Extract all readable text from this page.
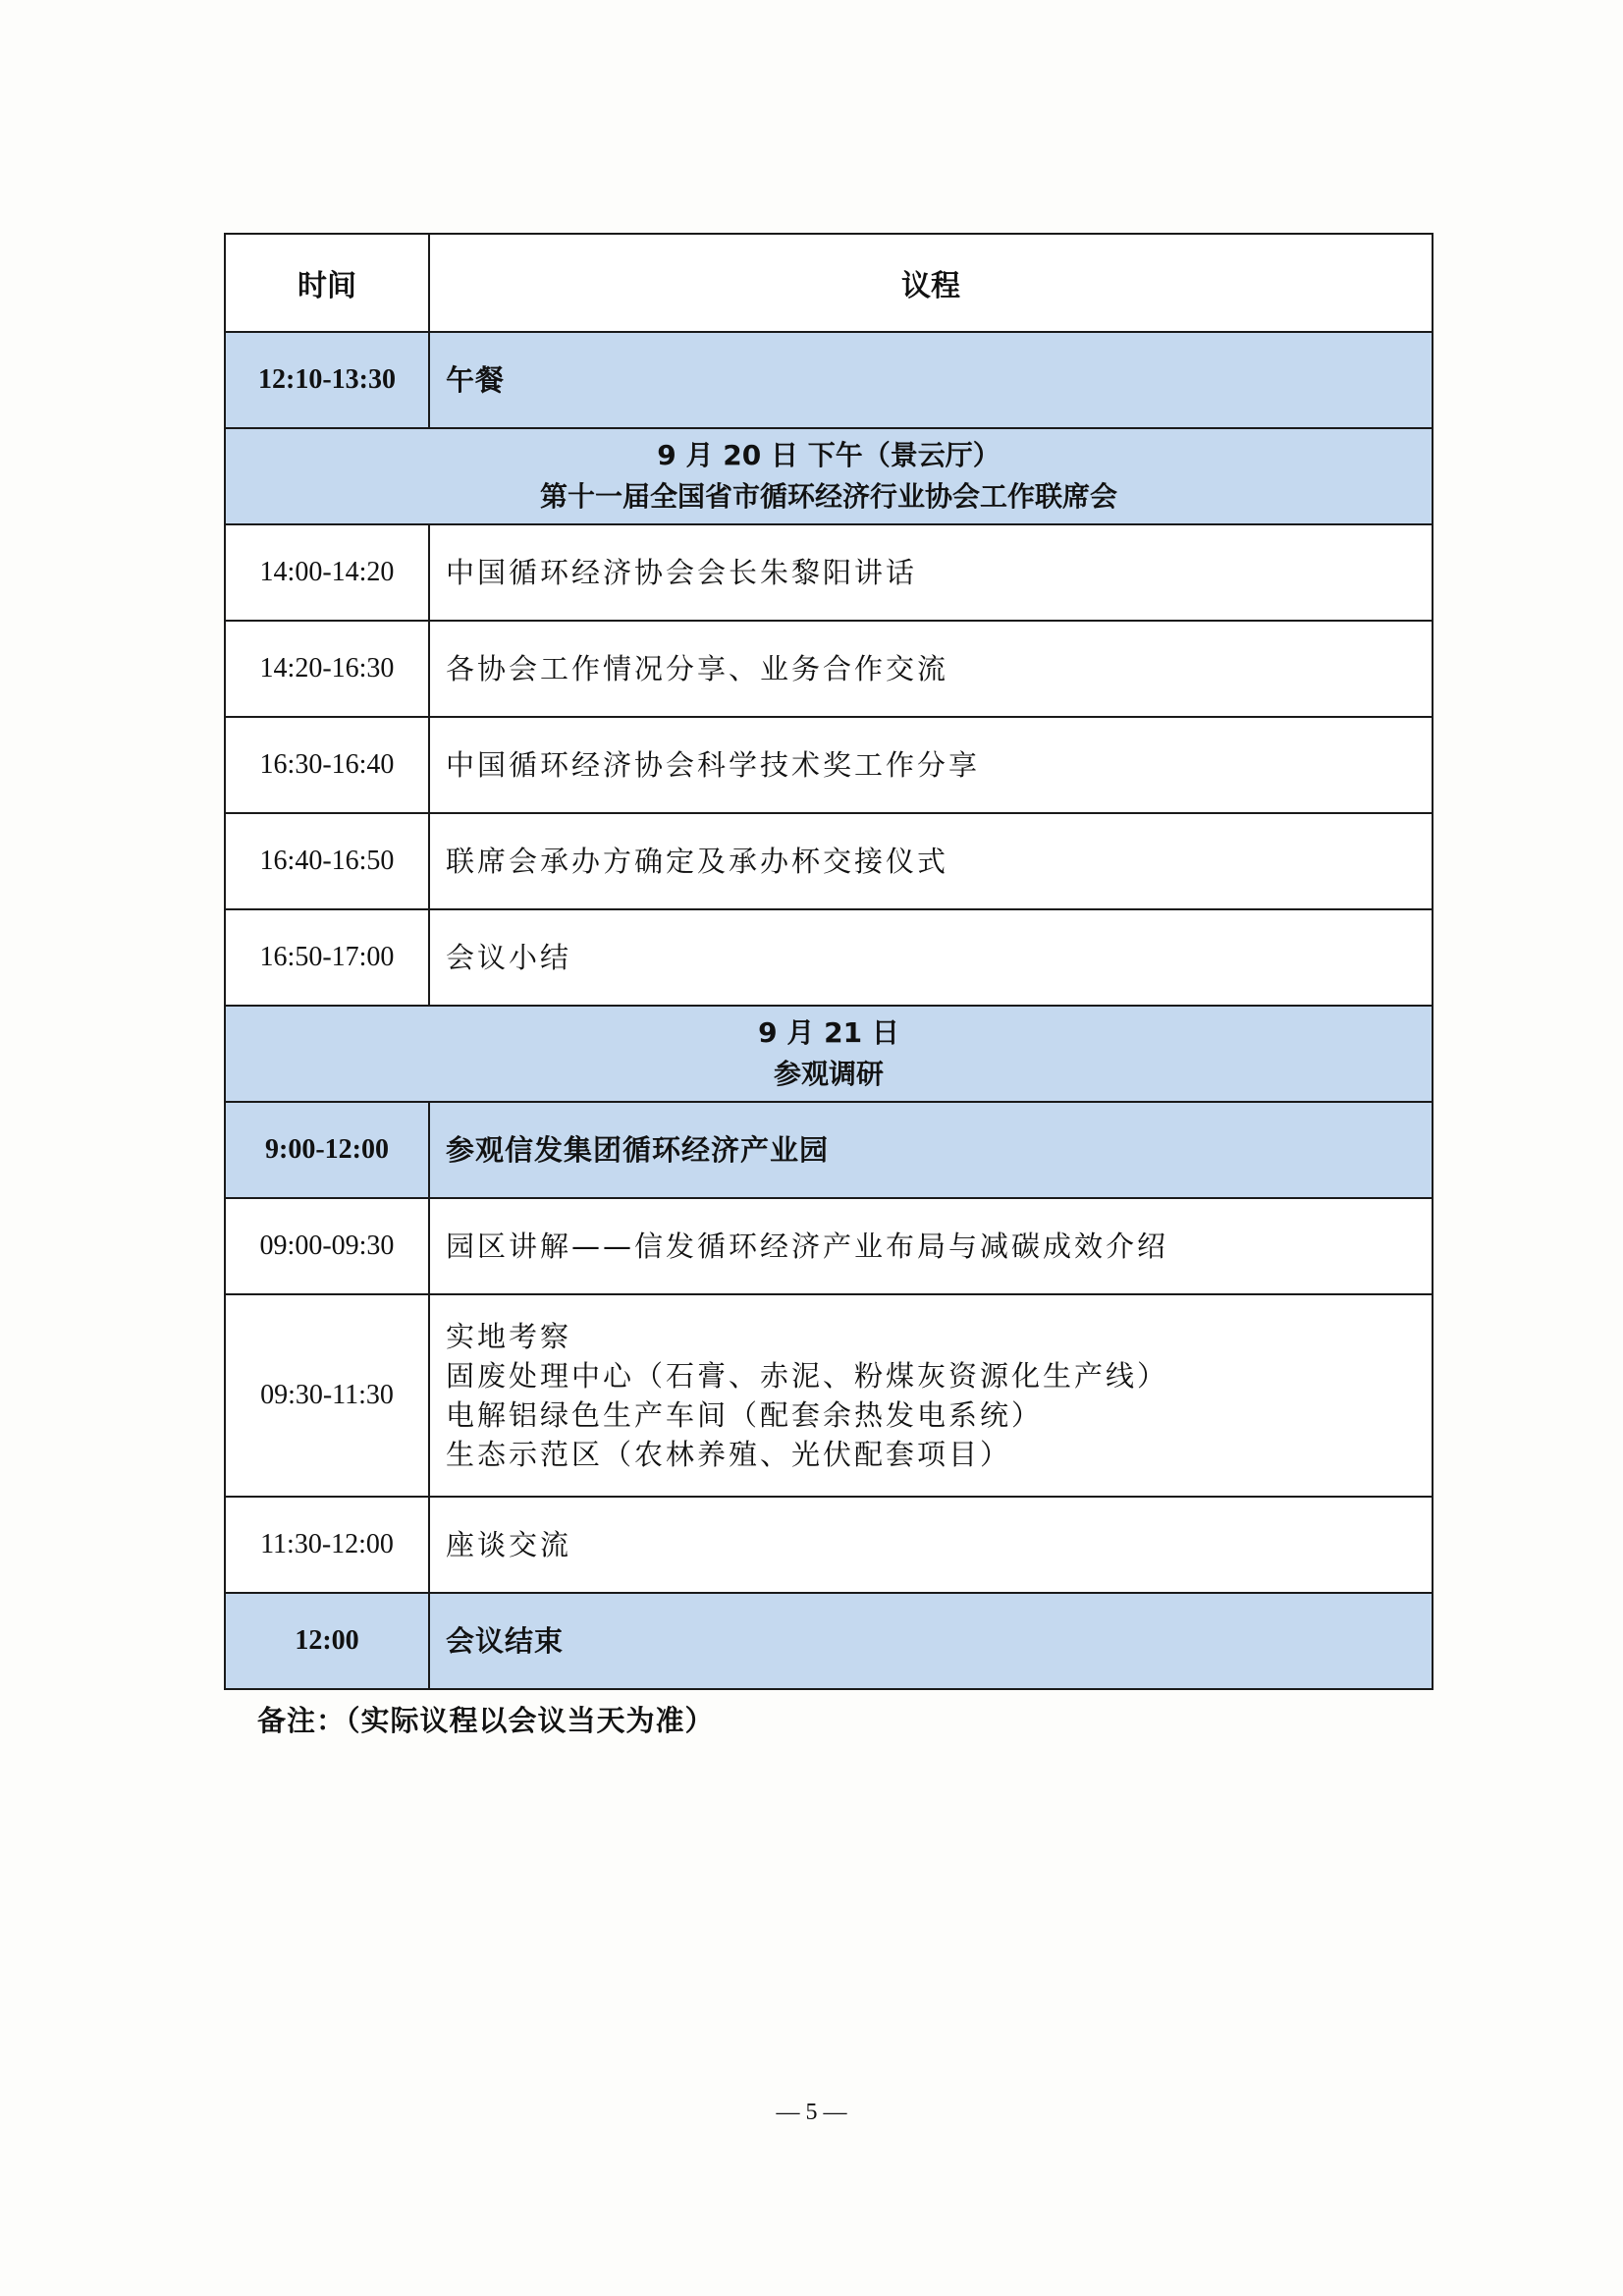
时间	议程
12:10-13:30	午餐

9 月 20 日 下午（景云厅）
第十一届全国省市循环经济行业协会工作联席会	

14:00-14:20	中国循环经济协会会长朱黎阳讲话
14:20-16:30	各协会工作情况分享、业务合作交流
16:30-16:40	中国循环经济协会科学技术奖工作分享
16:40-16:50	联席会承办方确定及承办杯交接仪式
16:50-17:00	会议小结

9 月 21 日
参观调研	

9:00-12:00	参观信发集团循环经济产业园
09:00-09:30	园区讲解——信发循环经济产业布局与减碳成效介绍
09:30-11:30	实地考察
固废处理中心（石膏、赤泥、粉煤灰资源化生产线）
电解铝绿色生产车间（配套余热发电系统）
生态示范区（农林养殖、光伏配套项目）

11:30-12:00	座谈交流
12:00	会议结束
备注：（实际议程以会议当天为准）
— 5 —
